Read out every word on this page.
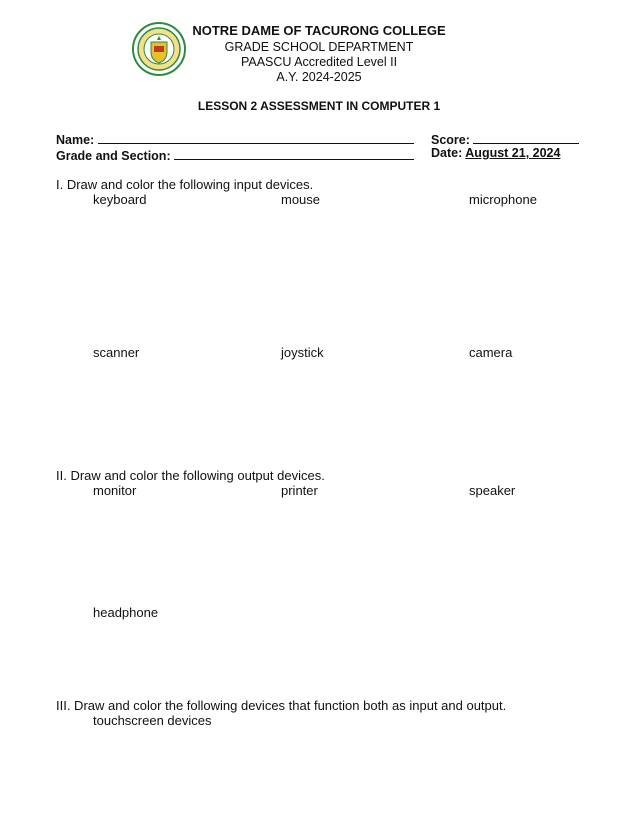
NOTRE DAME OF TACURONG COLLEGE
GRADE SCHOOL DEPARTMENT
PAASCU Accredited Level II
A.Y. 2024-2025
LESSON 2 ASSESSMENT IN COMPUTER 1
Name:	Score:
Grade and Section:	Date: August 21, 2024
I. Draw and color the following input devices.
keyboard	mouse	microphone
scanner	joystick	camera
II. Draw and color the following output devices.
monitor	printer	speaker
headphone
III. Draw and color the following devices that function both as input and output.
touchscreen devices
